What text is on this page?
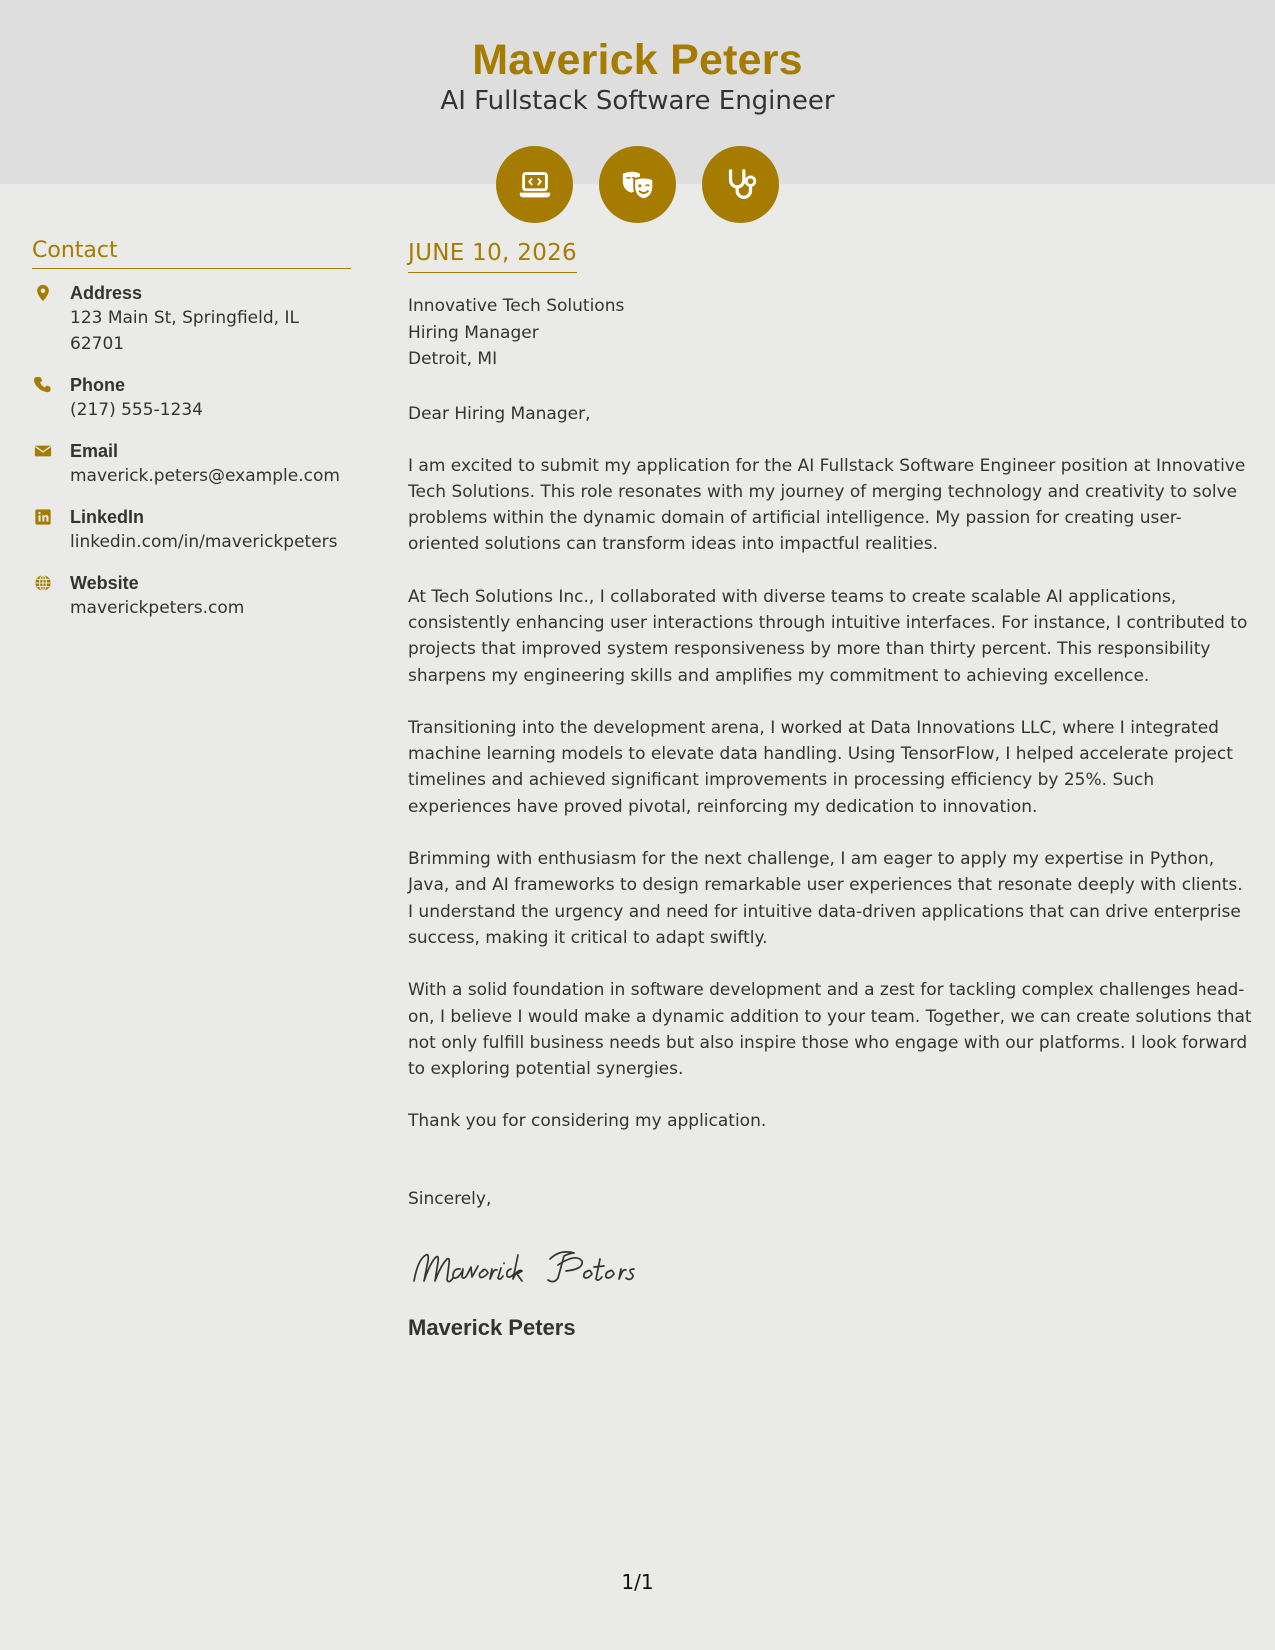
Maverick Peters
AI Fullstack Software Engineer
Contact
Address
123 Main St, Springfield, IL 62701
Phone
(217) 555-1234
Email
maverick.peters@example.com
LinkedIn
linkedin.com/in/maverickpeters
Website
maverickpeters.com
JUNE 10, 2026
Innovative Tech Solutions
Hiring Manager
Detroit, MI
Dear Hiring Manager,

I am excited to submit my application for the AI Fullstack Software Engineer position at Innovative Tech Solutions. This role resonates with my journey of merging technology and creativity to solve problems within the dynamic domain of artificial intelligence. My passion for creating user-oriented solutions can transform ideas into impactful realities.

At Tech Solutions Inc., I collaborated with diverse teams to create scalable AI applications, consistently enhancing user interactions through intuitive interfaces. For instance, I contributed to projects that improved system responsiveness by more than thirty percent. This responsibility sharpens my engineering skills and amplifies my commitment to achieving excellence.

Transitioning into the development arena, I worked at Data Innovations LLC, where I integrated machine learning models to elevate data handling. Using TensorFlow, I helped accelerate project timelines and achieved significant improvements in processing efficiency by 25%. Such experiences have proved pivotal, reinforcing my dedication to innovation.

Brimming with enthusiasm for the next challenge, I am eager to apply my expertise in Python, Java, and AI frameworks to design remarkable user experiences that resonate deeply with clients. I understand the urgency and need for intuitive data-driven applications that can drive enterprise success, making it critical to adapt swiftly.

With a solid foundation in software development and a zest for tackling complex challenges head-on, I believe I would make a dynamic addition to your team. Together, we can create solutions that not only fulfill business needs but also inspire those who engage with our platforms. I look forward to exploring potential synergies.

Thank you for considering my application.

Sincerely,
Maverick Peters
1/1
